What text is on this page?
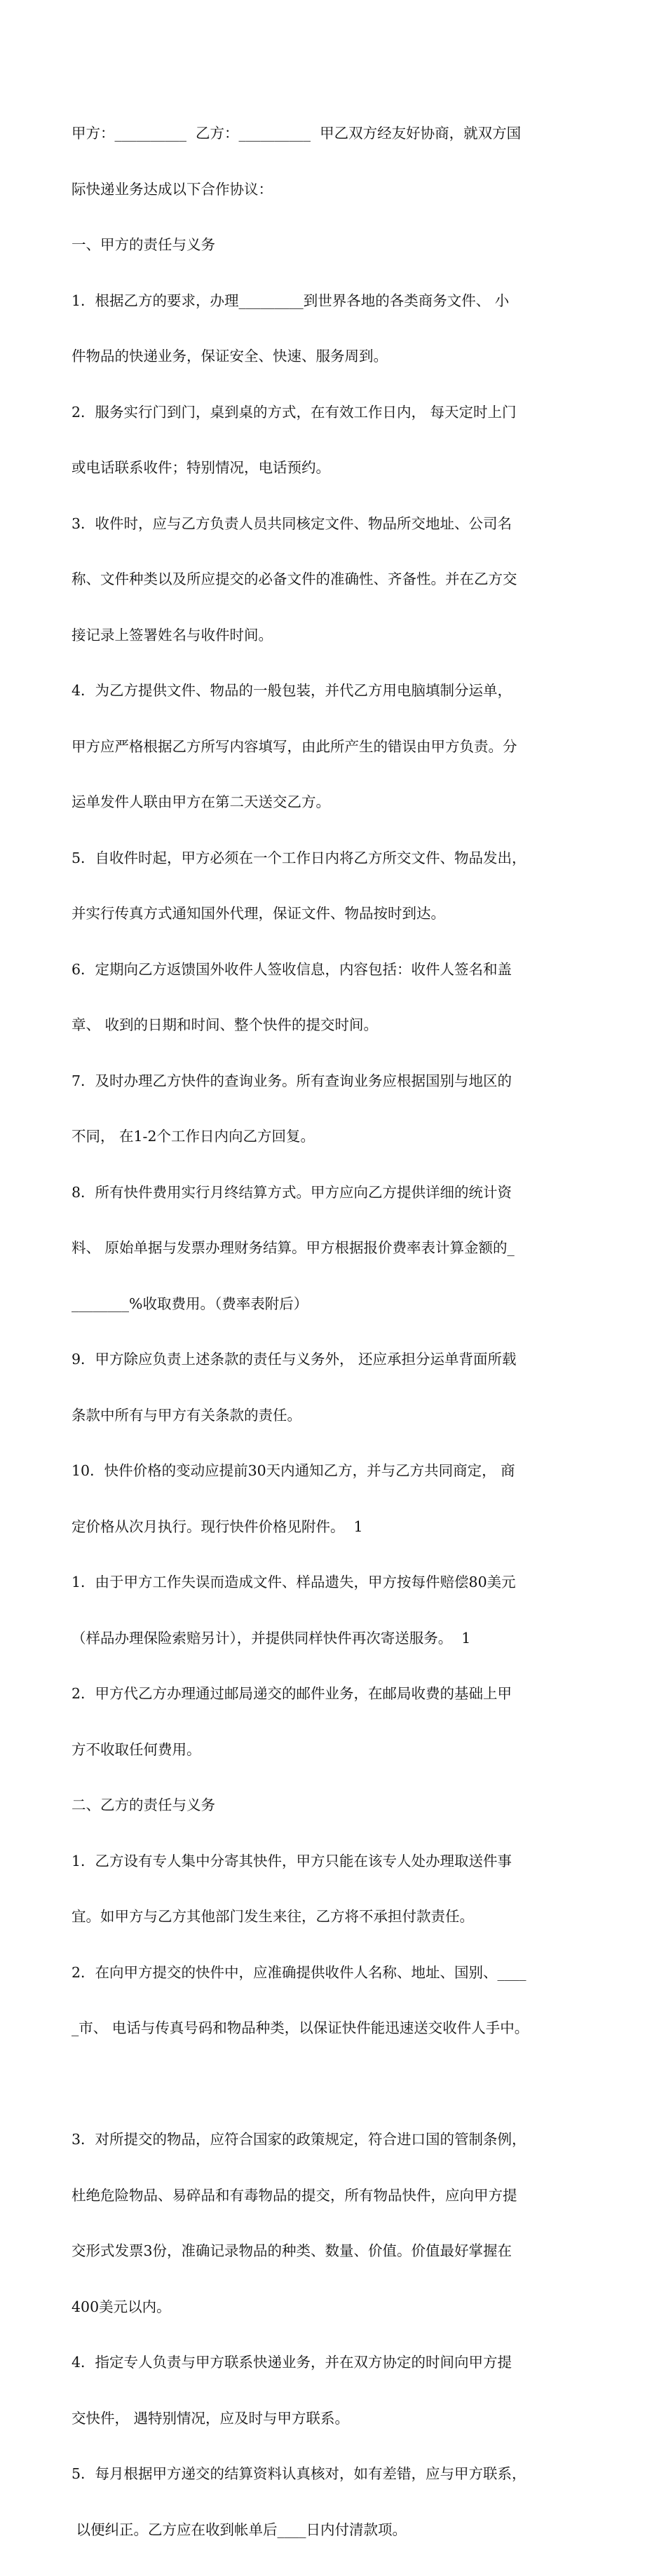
甲方：__________  乙方：__________  甲乙双方经友好协商，就双方国

际快递业务达成以下合作协议：

一、甲方的责任与义务

1．根据乙方的要求，办理_________到世界各地的各类商务文件、 小

件物品的快递业务，保证安全、快速、服务周到。

2．服务实行门到门，桌到桌的方式，在有效工作日内， 每天定时上门

或电话联系收件；特别情况，电话预约。

3．收件时，应与乙方负责人员共同核定文件、物品所交地址、公司名

称、文件种类以及所应提交的必备文件的准确性、齐备性。并在乙方交

接记录上签署姓名与收件时间。

4．为乙方提供文件、物品的一般包装，并代乙方用电脑填制分运单，

甲方应严格根据乙方所写内容填写，由此所产生的错误由甲方负责。分

运单发件人联由甲方在第二天送交乙方。

5．自收件时起，甲方必须在一个工作日内将乙方所交文件、物品发出，

并实行传真方式通知国外代理，保证文件、物品按时到达。

6．定期向乙方返馈国外收件人签收信息，内容包括：收件人签名和盖

章、 收到的日期和时间、整个快件的提交时间。

7．及时办理乙方快件的查询业务。所有查询业务应根据国别与地区的

不同， 在1-2个工作日内向乙方回复。

8．所有快件费用实行月终结算方式。甲方应向乙方提供详细的统计资

料、 原始单据与发票办理财务结算。甲方根据报价费率表计算金额的_

________%收取费用。（费率表附后）

9．甲方除应负责上述条款的责任与义务外， 还应承担分运单背面所载

条款中所有与甲方有关条款的责任。

10．快件价格的变动应提前30天内通知乙方，并与乙方共同商定， 商

定价格从次月执行。现行快件价格见附件。  1

1．由于甲方工作失误而造成文件、样品遗失，甲方按每件赔偿80美元

（样品办理保险索赔另计），并提供同样快件再次寄送服务。  1

2．甲方代乙方办理通过邮局递交的邮件业务，在邮局收费的基础上甲

方不收取任何费用。

二、乙方的责任与义务

1．乙方设有专人集中分寄其快件，甲方只能在该专人处办理取送件事

宜。如甲方与乙方其他部门发生来往，乙方将不承担付款责任。

2．在向甲方提交的快件中，应准确提供收件人名称、地址、国别、____

_市、 电话与传真号码和物品种类，以保证快件能迅速送交收件人手中。

3．对所提交的物品，应符合国家的政策规定，符合进口国的管制条例，

杜绝危险物品、易碎品和有毒物品的提交，所有物品快件，应向甲方提

交形式发票3份，准确记录物品的种类、数量、价值。价值最好掌握在

400美元以内。

4．指定专人负责与甲方联系快递业务，并在双方协定的时间向甲方提

交快件， 遇特别情况，应及时与甲方联系。

5．每月根据甲方递交的结算资料认真核对，如有差错，应与甲方联系，

以便纠正。乙方应在收到帐单后____日内付清款项。
